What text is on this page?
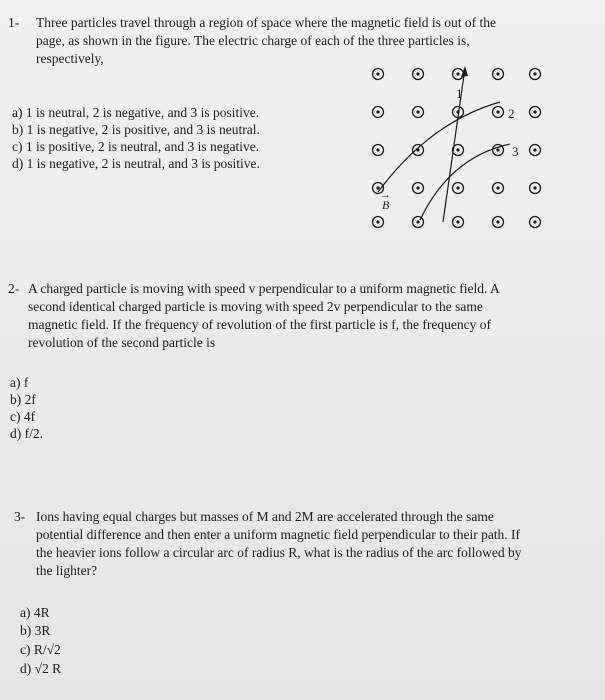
1- Three particles travel through a region of space where the magnetic field is out of the
page, as shown in the figure. The electric charge of each of the three particles is,
respectively,
a) 1 is neutral, 2 is negative, and 3 is positive.
b) 1 is negative, 2 is positive, and 3 is neutral.
c) 1 is positive, 2 is neutral, and 3 is negative.
d) 1 is negative, 2 is neutral, and 3 is positive.
1
2
3
→
B
2- A charged particle is moving with speed v perpendicular to a uniform magnetic field. A
second identical charged particle is moving with speed 2v perpendicular to the same
magnetic field. If the frequency of revolution of the first particle is f, the frequency of
revolution of the second particle is
a) f
b) 2f
c) 4f
d) f/2.
3- Ions having equal charges but masses of M and 2M are accelerated through the same
potential difference and then enter a uniform magnetic field perpendicular to their path. If
the heavier ions follow a circular arc of radius R, what is the radius of the arc followed by
the lighter?
a) 4R
b) 3R
c) R/√2
d) √2 R
